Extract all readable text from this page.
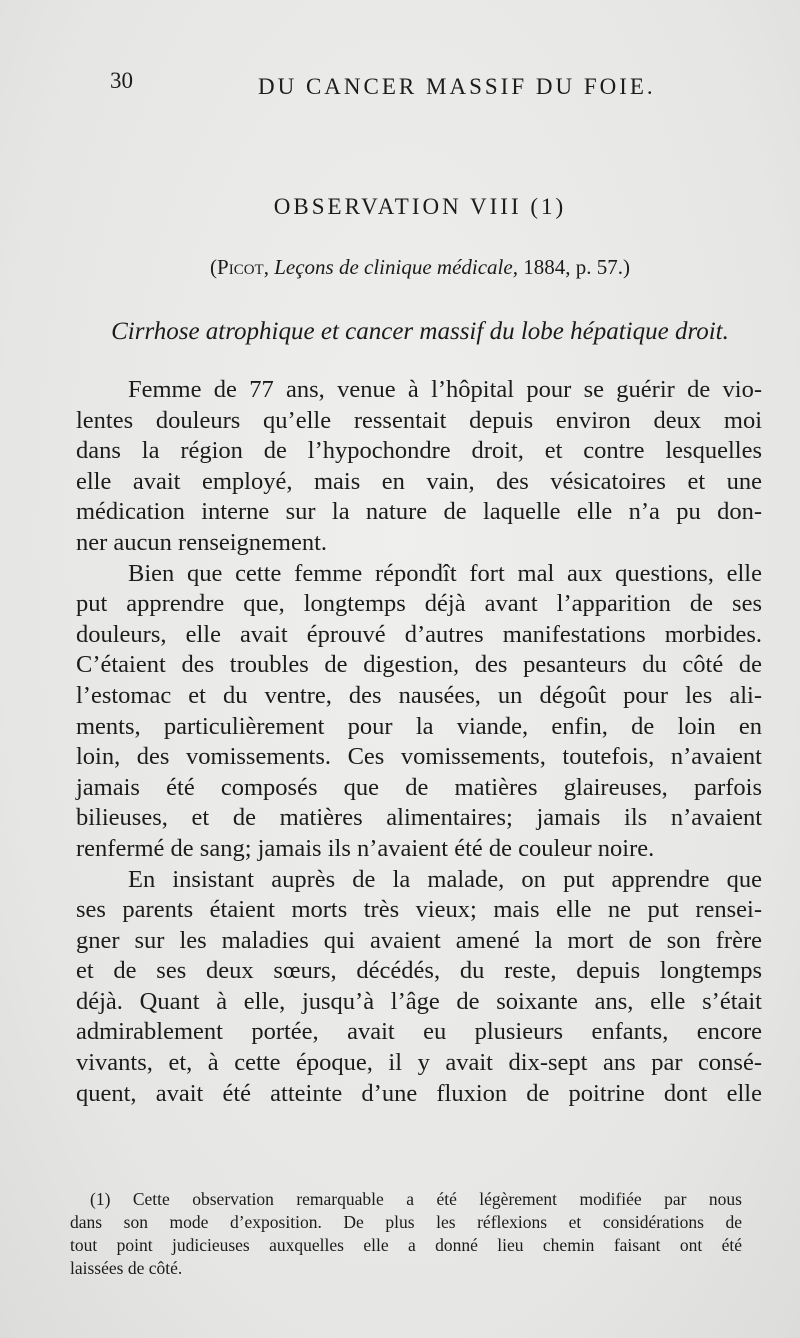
30	DU CANCER MASSIF DU FOIE.
OBSERVATION VIII (1)
(Picot, Leçons de clinique médicale, 1884, p. 57.)
Cirrhose atrophique et cancer massif du lobe hépatique droit.
Femme de 77 ans, venue à l’hôpital pour se guérir de vio-
lentes douleurs qu’elle ressentait depuis environ deux moi
dans la région de l’hypochondre droit, et contre lesquelles
elle avait employé, mais en vain, des vésicatoires et une
médication interne sur la nature de laquelle elle n’a pu don-
ner aucun renseignement.
Bien que cette femme répondît fort mal aux questions, elle
put apprendre que, longtemps déjà avant l’apparition de ses
douleurs, elle avait éprouvé d’autres manifestations morbides.
C’étaient des troubles de digestion, des pesanteurs du côté de
l’estomac et du ventre, des nausées, un dégoût pour les ali-
ments, particulièrement pour la viande, enfin, de loin en
loin, des vomissements. Ces vomissements, toutefois, n’avaient
jamais été composés que de matières glaireuses, parfois
bilieuses, et de matières alimentaires; jamais ils n’avaient
renfermé de sang; jamais ils n’avaient été de couleur noire.
En insistant auprès de la malade, on put apprendre que
ses parents étaient morts très vieux; mais elle ne put rensei-
gner sur les maladies qui avaient amené la mort de son frère
et de ses deux sœurs, décédés, du reste, depuis longtemps
déjà. Quant à elle, jusqu’à l’âge de soixante ans, elle s’était
admirablement portée, avait eu plusieurs enfants, encore
vivants, et, à cette époque, il y avait dix-sept ans par consé-
quent, avait été atteinte d’une fluxion de poitrine dont elle
(1) Cette observation remarquable a été légèrement modifiée par nous
dans son mode d’exposition. De plus les réflexions et considérations de
tout point judicieuses auxquelles elle a donné lieu chemin faisant ont été
laissées de côté.
